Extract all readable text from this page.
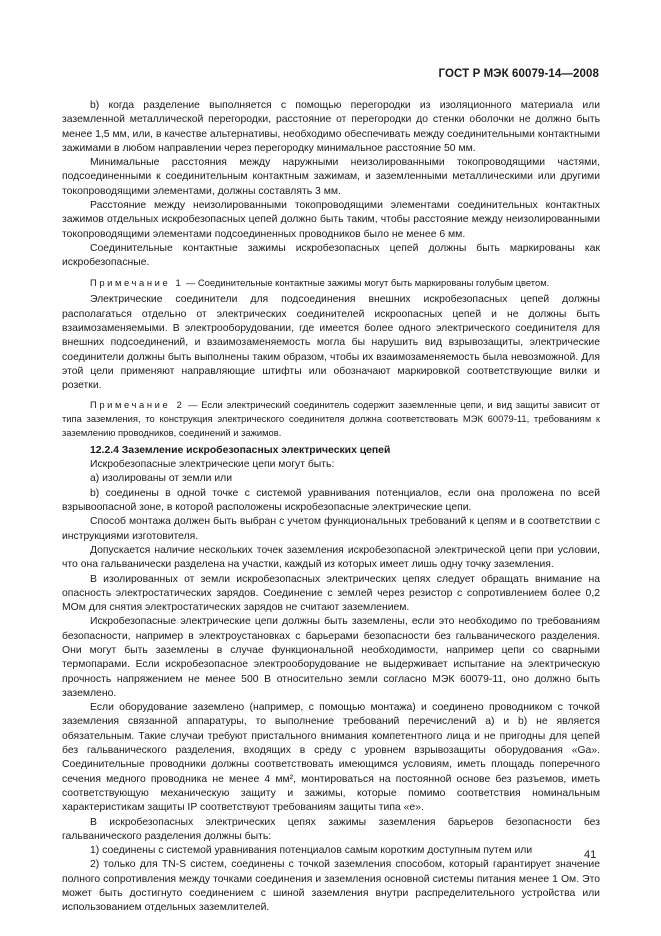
ГОСТ Р МЭК 60079-14—2008

b) когда разделение выполняется с помощью перегородки из изоляционного материала или заземленной металлической перегородки, расстояние от перегородки до стенки оболочки не должно быть менее 1,5 мм, или, в качестве альтернативы, необходимо обеспечивать между соединительными контактными зажимами в любом направлении через перегородку минимальное расстояние 50 мм.

Минимальные расстояния между наружными неизолированными токопроводящими частями, подсоединенными к соединительным контактным зажимам, и заземленными металлическими или другими токопроводящими элементами, должны составлять 3 мм.

Расстояние между неизолированными токопроводящими элементами соединительных контактных зажимов отдельных искробезопасных цепей должно быть таким, чтобы расстояние между неизолированными токопроводящими элементами подсоединенных проводников было не менее 6 мм.

Соединительные контактные зажимы искробезопасных цепей должны быть маркированы как искробезопасные.

Примечание 1 — Соединительные контактные зажимы могут быть маркированы голубым цветом.

Электрические соединители для подсоединения внешних искробезопасных цепей должны располагаться отдельно от электрических соединителей искроопасных цепей и не должны быть взаимозаменяемыми. В электрооборудовании, где имеется более одного электрического соединителя для внешних подсоединений, и взаимозаменяемость могла бы нарушить вид взрывозащиты, электрические соединители должны быть выполнены таким образом, чтобы их взаимозаменяемость была невозможной. Для этой цели применяют направляющие штифты или обозначают маркировкой соответствующие вилки и розетки.

Примечание 2 — Если электрический соединитель содержит заземленные цепи, и вид защиты зависит от типа заземления, то конструкция электрического соединителя должна соответствовать МЭК 60079-11, требованиям к заземлению проводников, соединений и зажимов.

12.2.4 Заземление искробезопасных электрических цепей

Искробезопасные электрические цепи могут быть:

а) изолированы от земли или

b) соединены в одной точке с системой уравнивания потенциалов, если она проложена по всей взрывоопасной зоне, в которой расположены искробезопасные электрические цепи.

Способ монтажа должен быть выбран с учетом функциональных требований к цепям и в соответствии с инструкциями изготовителя.

Допускается наличие нескольких точек заземления искробезопасной электрической цепи при условии, что она гальванически разделена на участки, каждый из которых имеет лишь одну точку заземления.

В изолированных от земли искробезопасных электрических цепях следует обращать внимание на опасность электростатических зарядов. Соединение с землей через резистор с сопротивлением более 0,2 МОм для снятия электростатических зарядов не считают заземлением.

Искробезопасные электрические цепи должны быть заземлены, если это необходимо по требованиям безопасности, например в электроустановках с барьерами безопасности без гальванического разделения. Они могут быть заземлены в случае функциональной необходимости, например цепи со сварными термопарами. Если искробезопасное электрооборудование не выдерживает испытание на электрическую прочность напряжением не менее 500 В относительно земли согласно МЭК 60079-11, оно должно быть заземлено.

Если оборудование заземлено (например, с помощью монтажа) и соединено проводником с точкой заземления связанной аппаратуры, то выполнение требований перечислений а) и b) не является обязательным. Такие случаи требуют пристального внимания компетентного лица и не пригодны для цепей без гальванического разделения, входящих в среду с уровнем взрывозащиты оборудования «Ga». Соединительные проводники должны соответствовать имеющимся условиям, иметь площадь поперечного сечения медного проводника не менее 4 мм², монтироваться на постоянной основе без разъемов, иметь соответствующую механическую защиту и зажимы, которые помимо соответствия номинальным характеристикам защиты IP соответствуют требованиям защиты типа «е».

В искробезопасных электрических цепях зажимы заземления барьеров безопасности без гальванического разделения должны быть:

1) соединены с системой уравнивания потенциалов самым коротким доступным путем или

2) только для TN-S систем, соединены с точкой заземления способом, который гарантирует значение полного сопротивления между точками соединения и заземления основной системы питания менее 1 Ом. Это может быть достигнуто соединением с шиной заземления внутри распределительного устройства или использованием отдельных заземлителей.

41
